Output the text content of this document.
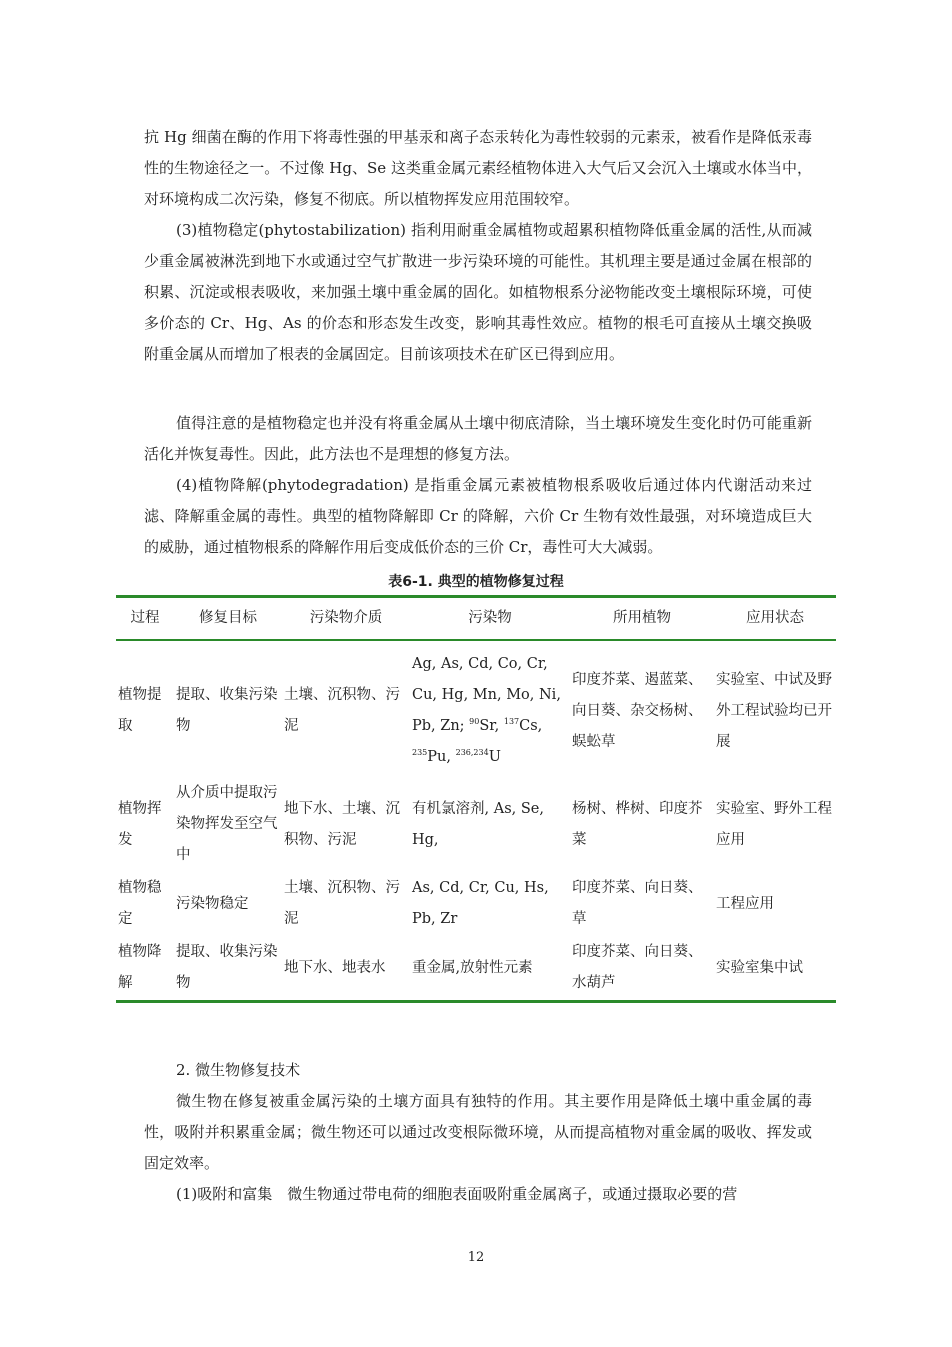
抗 Hg 细菌在酶的作用下将毒性强的甲基汞和离子态汞转化为毒性较弱的元素汞，被看作是降低汞毒性的生物途径之一。不过像 Hg、Se 这类重金属元素经植物体进入大气后又会沉入土壤或水体当中，对环境构成二次污染，修复不彻底。所以植物挥发应用范围较窄。

(3)植物稳定(phytostabilization) 指利用耐重金属植物或超累积植物降低重金属的活性,从而减少重金属被淋洗到地下水或通过空气扩散进一步污染环境的可能性。其机理主要是通过金属在根部的积累、沉淀或根表吸收，来加强土壤中重金属的固化。如植物根系分泌物能改变土壤根际环境，可使多价态的 Cr、Hg、As 的价态和形态发生改变，影响其毒性效应。植物的根毛可直接从土壤交换吸附重金属从而增加了根表的金属固定。目前该项技术在矿区已得到应用。

值得注意的是植物稳定也并没有将重金属从土壤中彻底清除，当土壤环境发生变化时仍可能重新活化并恢复毒性。因此，此方法也不是理想的修复方法。

(4)植物降解(phytodegradation) 是指重金属元素被植物根系吸收后通过体内代谢活动来过滤、降解重金属的毒性。典型的植物降解即 Cr 的降解，六价 Cr 生物有效性最强，对环境造成巨大的威胁，通过植物根系的降解作用后变成低价态的三价 Cr，毒性可大大减弱。

表6-1. 典型的植物修复过程
过程	修复目标	污染物介质	污染物	所用植物	应用状态
植物提取	提取、收集污染物	土壤、沉积物、污泥	Ag, As, Cd, Co, Cr, Cu, Hg, Mn, Mo, Ni, Pb, Zn; $^{90}$Sr, $^{137}$Cs, $^{235}$Pu, $^{236,234}$U	印度芥菜、遏蓝菜、向日葵、杂交杨树、蜈蚣草	实验室、中试及野外工程试验均已开展
植物挥发	从介质中提取污染物挥发至空气中	地下水、土壤、沉积物、污泥	有机氯溶剂, As, Se, Hg,	杨树、桦树、印度芥菜	实验室、野外工程应用
植物稳定	污染物稳定	土壤、沉积物、污泥	As, Cd, Cr, Cu, Hs,　Pb, Zr	印度芥菜、向日葵、草	工程应用
植物降解	提取、收集污染物	地下水、地表水	重金属,放射性元素	印度芥菜、向日葵、水葫芦	实验室集中试

2. 微生物修复技术

微生物在修复被重金属污染的土壤方面具有独特的作用。其主要作用是降低土壤中重金属的毒性，吸附并积累重金属；微生物还可以通过改变根际微环境，从而提高植物对重金属的吸收、挥发或固定效率。

(1)吸附和富集　微生物通过带电荷的细胞表面吸附重金属离子，或通过摄取必要的营

12
